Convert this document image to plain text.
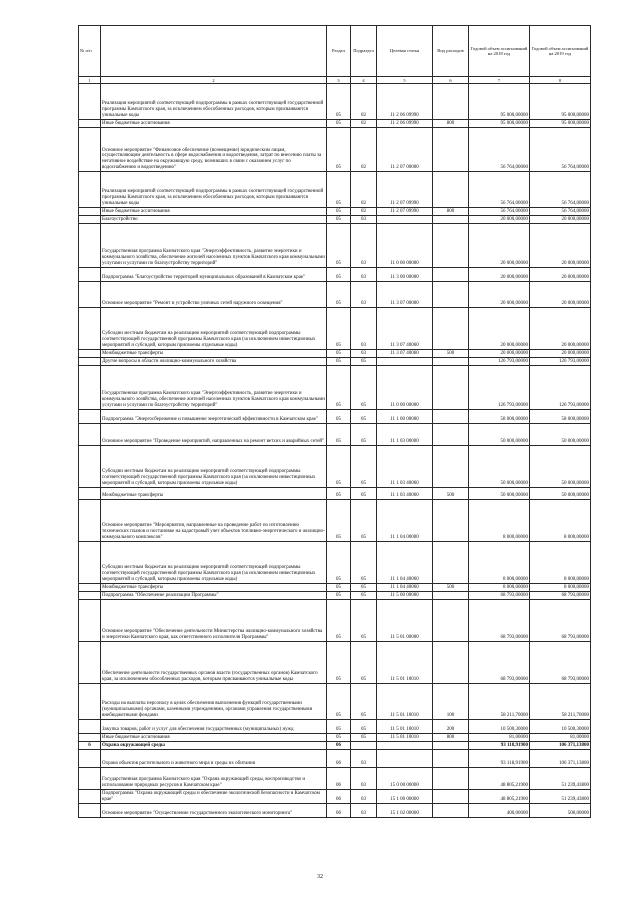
№ п/п		Раздел	Подраздел	Целевая статья	Вид расходов	Годовой объем ассигнований на 2018 год	Годовой объем ассигнований на 2019 год
1	2	3	4	5	6	7	8
	Реализация мероприятий соответствующей подпрограммы в рамках соответствующей государственной программы Камчатского края, за исключением обособленных расходов, которым присваиваются уникальные коды	05	02	11 2 06 09990		95 000,00000	95 000,00000
	Иные бюджетные ассигнования	05	02	11 2 06 09990	800	95 000,00000	95 000,00000
	Основное мероприятие "Финансовое обеспечение (возмещение) юридическим лицам, осуществляющим деятельность в сфере водоснабжения и водоотведения, затрат по внесению платы за негативное воздействие на окружающую среду, возникших в связи с оказанием услуг по водоснабжению и водоотведению"	05	02	11 2 07 00000		56 764,00000	56 764,00000
	Реализация мероприятий соответствующей подпрограммы в рамках соответствующей государственной программы Камчатского края, за исключением обособленных расходов, которым присваиваются уникальные коды	05	02	11 2 07 09990		56 764,00000	56 764,00000
	Иные бюджетные ассигнования	05	02	11 2 07 09990	800	56 764,00000	56 764,00000
	Благоустройство	05	03			20 000,00000	20 000,00000
	Государственная программа Камчатского края "Энергоэффективность, развитие энергетики и коммунального хозяйства, обеспечение жителей населенных пунктов Камчатского края коммунальными услугами и услугами по благоустройству территорий"	05	03	11 0 00 00000		20 000,00000	20 000,00000
	Подпрограмма "Благоустройство территорий муниципальных образований в Камчатском крае"	05	03	11 3 00 00000		20 000,00000	20 000,00000
	Основное мероприятие "Ремонт и устройство уличных сетей наружного освещения"	05	03	11 3 07 00000		20 000,00000	20 000,00000
	Субсидии местным бюджетам на реализацию мероприятий соответствующей подпрограммы соответствующей государственной программы Камчатского края (за исключением инвестиционных мероприятий и субсидий, которым присвоены отдельные коды)	05	03	11 3 07 40060		20 000,00000	20 000,00000
	Межбюджетные трансферты	05	03	11 3 07 40060	500	20 000,00000	20 000,00000
	Другие вопросы в области жилищно-коммунального хозяйства	05	05			126 793,00000	126 793,00000
	Государственная программа Камчатского края "Энергоэффективность, развитие энергетики и коммунального хозяйства, обеспечение жителей населенных пунктов Камчатского края коммунальными услугами и услугами по благоустройству территорий"	05	05	11 0 00 00000		126 793,00000	126 793,00000
	Подпрограмма "Энергосбережение и повышение энергетической эффективности в Камчатском крае"	05	05	11 1 00 00000		58 000,00000	58 000,00000
	Основное мероприятие "Проведение мероприятий, направленных на ремонт ветхих и аварийных сетей"	05	05	11 1 03 00000		50 000,00000	50 000,00000
	Субсидии местным бюджетам на реализацию мероприятий соответствующей подпрограммы соответствующей государственной программы Камчатского края (за исключением инвестиционных мероприятий и субсидий, которым присвоены отдельные коды)	05	05	11 1 03 40060		50 000,00000	50 000,00000
	Межбюджетные трансферты	05	05	11 1 03 40060	500	50 000,00000	50 000,00000
	Основное мероприятие "Мероприятия, направленные на проведение работ по изготовлению технических планов и постановке на кадастровый учет объектов топливно-энергетического и жилищно-коммунального комплексов"	05	05	11 1 04 00000		8 000,00000	8 000,00000
	Субсидии местным бюджетам на реализацию мероприятий соответствующей подпрограммы соответствующей государственной программы Камчатского края (за исключением инвестиционных мероприятий и субсидий, которым присвоены отдельные коды)	05	05	11 1 04 40060		8 000,00000	8 000,00000
	Межбюджетные трансферты	05	05	11 1 04 40060	500	8 000,00000	8 000,00000
	Подпрограмма "Обеспечение реализации Программы"	05	05	11 5 00 00000		68 793,00000	68 793,00000
	Основное мероприятие "Обеспечение деятельности Министерства жилищно-коммунального хозяйства и энергетики Камчатского края, как ответственного исполнителя Программы"	05	05	11 5 01 00000		68 793,00000	68 793,00000
	Обеспечение деятельности государственных органов власти (государственных органов) Камчатского края, за исключением обособленных расходов, которым присваиваются уникальные коды	05	05	11 5 01 10010		68 793,00000	68 793,00000
	Расходы на выплаты персоналу в целях обеспечения выполнения функций государственными (муниципальными) органами, казенными учреждениями, органами управления государственными внебюджетными фондами	05	05	11 5 01 10010	100	58 211,70000	58 211,70000
	Закупка товаров, работ и услуг для обеспечения государственных (муниципальных) нужд	05	05	11 5 01 10010	200	10 500,30000	10 500,30000
	Иные бюджетные ассигнования	05	05	11 5 01 10010	800	81,00000	81,00000
6	Охрана окружающей среды	06				93 118,91900	106 371,13800
	Охрана объектов растительного и животного мира и среды их обитания	06	03			93 118,91900	106 371,13800
	Государственная программа Камчатского края "Охрана окружающей среды, воспроизводство и использование природных ресурсов в Камчатском крае"	06	03	15 0 00 00000		48 805,21900	51 239,43800
	Подпрограмма "Охрана окружающей среды и обеспечение экологической безопасности в Камчатском крае"	06	03	15 1 00 00000		48 805,21900	51 239,43800
	Основное мероприятие "Осуществление государственного экологического мониторинга"	06	03	15 1 02 00000		400,00000	500,00000
32
